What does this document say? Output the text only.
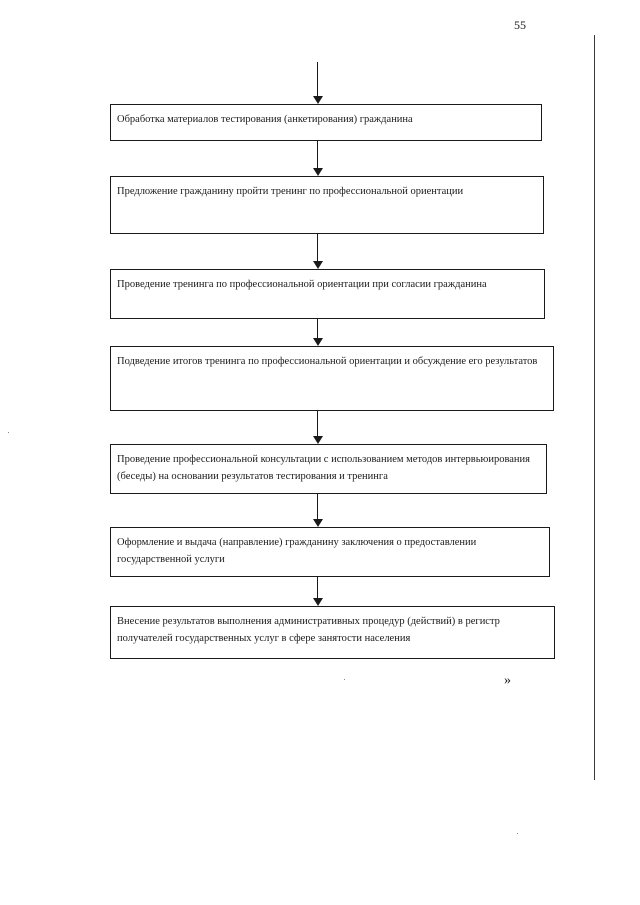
55
Обработка материалов тестирования (анкетирования) гражданина
Предложение гражданину пройти тренинг по профессиональной ориентации
Проведение тренинга по профессиональной ориентации при согласии гражданина
Подведение итогов тренинга по профессиональной ориентации и обсуждение его результатов
Проведение профессиональной консультации с использованием методов интервьюирования (беседы) на основании результатов тестирования и тренинга
Оформление и выдача (направление) гражданину заключения о предоставлении государственной услуги
Внесение результатов выполнения административных процедур (действий) в регистр получателей государственных услуг в сфере занятости населения
»
